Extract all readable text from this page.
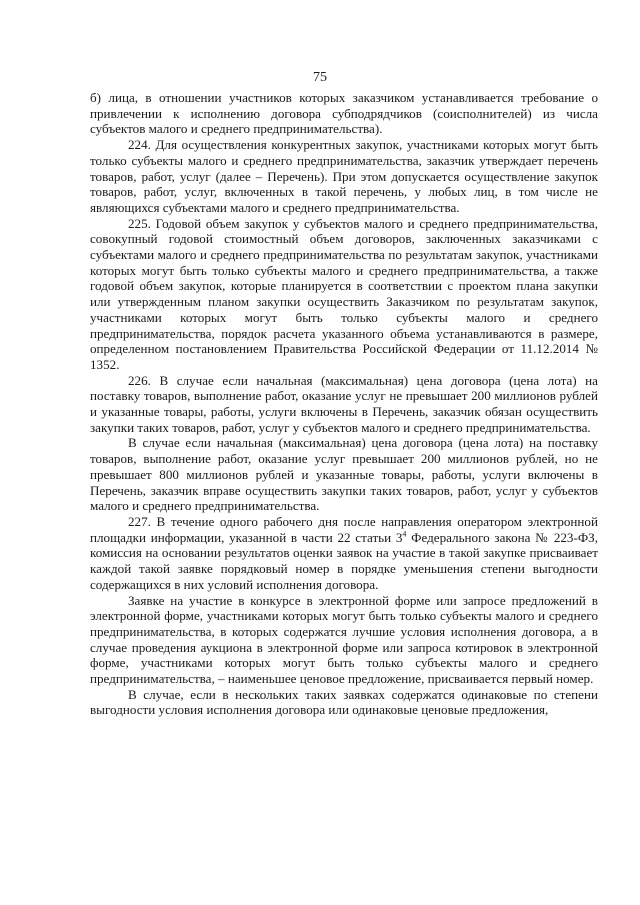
75

б) лица, в отношении участников которых заказчиком устанавливается требование о привлечении к исполнению договора субподрядчиков (соисполнителей) из числа субъектов малого и среднего предпринимательства).

224. Для осуществления конкурентных закупок, участниками которых могут быть только субъекты малого и среднего предпринимательства, заказчик утверждает перечень товаров, работ, услуг (далее – Перечень). При этом допускается осуществление закупок товаров, работ, услуг, включенных в такой перечень, у любых лиц, в том числе не являющихся субъектами малого и среднего предпринимательства.

225. Годовой объем закупок у субъектов малого и среднего предпринимательства, совокупный годовой стоимостный объем договоров, заключенных заказчиками с субъектами малого и среднего предпринимательства по результатам закупок, участниками которых могут быть только субъекты малого и среднего предпринимательства, а также годовой объем закупок, которые планируется в соответствии с проектом плана закупки или утвержденным планом закупки осуществить Заказчиком по результатам закупок, участниками которых могут быть только субъекты малого и среднего предпринимательства, порядок расчета указанного объема устанавливаются в размере, определенном постановлением Правительства Российской Федерации от 11.12.2014 № 1352.

226. В случае если начальная (максимальная) цена договора (цена лота) на поставку товаров, выполнение работ, оказание услуг не превышает 200 миллионов рублей и указанные товары, работы, услуги включены в Перечень, заказчик обязан осуществить закупки таких товаров, работ, услуг у субъектов малого и среднего предпринимательства.

В случае если начальная (максимальная) цена договора (цена лота) на поставку товаров, выполнение работ, оказание услуг превышает 200 миллионов рублей, но не превышает 800 миллионов рублей и указанные товары, работы, услуги включены в Перечень, заказчик вправе осуществить закупки таких товаров, работ, услуг у субъектов малого и среднего предпринимательства.

227. В течение одного рабочего дня после направления оператором электронной площадки информации, указанной в части 22 статьи $3^4$ Федерального закона № 223-ФЗ, комиссия на основании результатов оценки заявок на участие в такой закупке присваивает каждой такой заявке порядковый номер в порядке уменьшения степени выгодности содержащихся в них условий исполнения договора.

Заявке на участие в конкурсе в электронной форме или запросе предложений в электронной форме, участниками которых могут быть только субъекты малого и среднего предпринимательства, в которых содержатся лучшие условия исполнения договора, а в случае проведения аукциона в электронной форме или запроса котировок в электронной форме, участниками которых могут быть только субъекты малого и среднего предпринимательства, – наименьшее ценовое предложение, присваивается первый номер.

В случае, если в нескольких таких заявках содержатся одинаковые по степени выгодности условия исполнения договора или одинаковые ценовые предложения,
